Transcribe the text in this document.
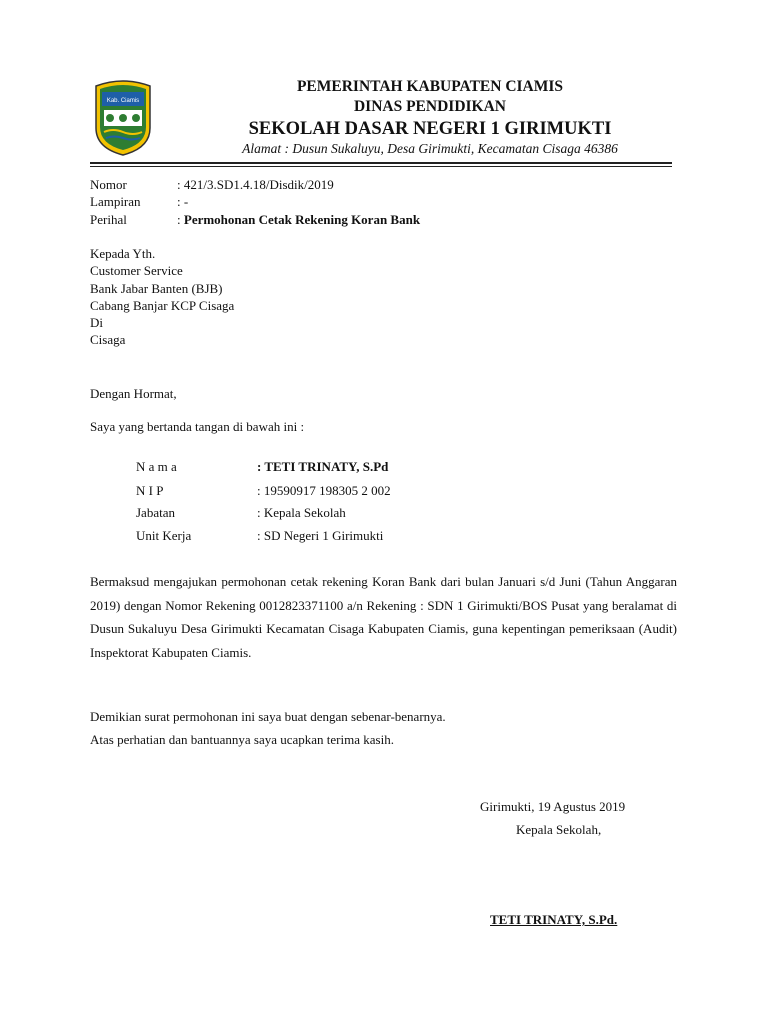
Kab. Ciamis
PEMERINTAH KABUPATEN CIAMIS
DINAS PENDIDIKAN
SEKOLAH DASAR NEGERI 1 GIRIMUKTI
Alamat : Dusun Sukaluyu, Desa Girimukti, Kecamatan Cisaga 46386
Nomor	: 421/3.SD1.4.18/Disdik/2019
Lampiran	: -
Perihal	: Permohonan Cetak Rekening Koran Bank
Kepada Yth.
Customer Service
Bank Jabar Banten (BJB)
Cabang Banjar KCP Cisaga
Di
Cisaga
Dengan Hormat,
Saya yang bertanda tangan di bawah ini :
N a m a	: TETI TRINATY, S.Pd
N I P	: 19590917 198305 2 002
Jabatan	: Kepala Sekolah
Unit Kerja	: SD Negeri 1 Girimukti
Bermaksud mengajukan permohonan cetak rekening Koran Bank dari bulan Januari s/d Juni (Tahun Anggaran 2019) dengan Nomor Rekening 0012823371100 a/n Rekening : SDN 1 Girimukti/BOS Pusat yang beralamat di Dusun Sukaluyu Desa Girimukti Kecamatan Cisaga Kabupaten Ciamis, guna kepentingan pemeriksaan (Audit) Inspektorat Kabupaten Ciamis.
Demikian surat permohonan ini saya buat dengan sebenar-benarnya.
Atas perhatian dan bantuannya saya ucapkan terima kasih.
Girimukti, 19 Agustus 2019
Kepala Sekolah,
TETI TRINATY, S.Pd.
